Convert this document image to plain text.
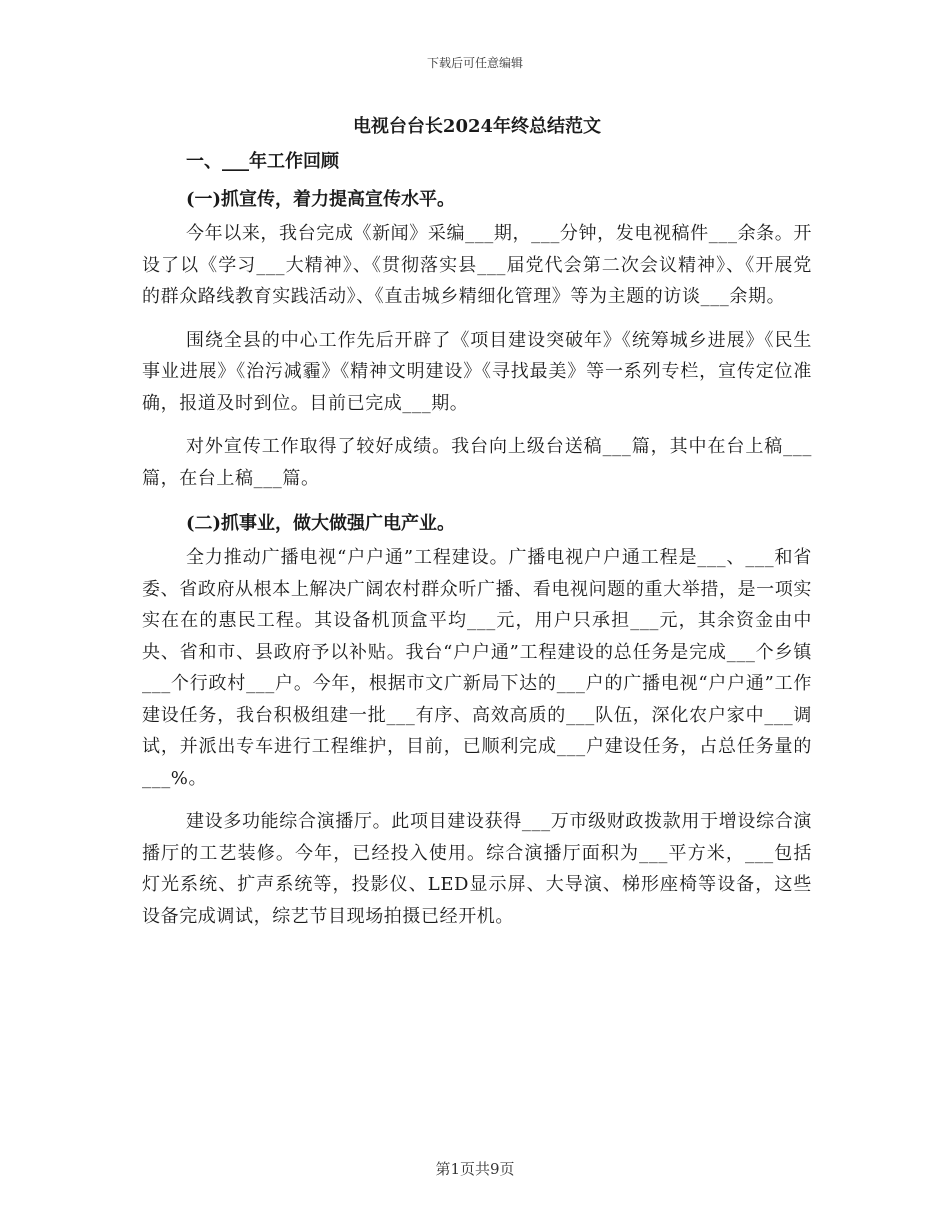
下载后可任意编辑
电视台台长2024年终总结范文
一、___年工作回顾
(一)抓宣传，着力提高宣传水平。

今年以来，我台完成《新闻》采编___期，___分钟，发电视稿件___余条。开设了以《学习___大精神》、《贯彻落实县___届党代会第二次会议精神》、《开展党的群众路线教育实践活动》、《直击城乡精细化管理》等为主题的访谈___余期。

围绕全县的中心工作先后开辟了《项目建设突破年》《统筹城乡进展》《民生事业进展》《治污减霾》《精神文明建设》《寻找最美》等一系列专栏，宣传定位准确，报道及时到位。目前已完成___期。

对外宣传工作取得了较好成绩。我台向上级台送稿___篇，其中在台上稿___篇，在台上稿___篇。

(二)抓事业，做大做强广电产业。

全力推动广播电视“户户通”工程建设。广播电视户户通工程是___、___和省委、省政府从根本上解决广阔农村群众听广播、看电视问题的重大举措，是一项实实在在的惠民工程。其设备机顶盒平均___元，用户只承担___元，其余资金由中央、省和市、县政府予以补贴。我台“户户通”工程建设的总任务是完成___个乡镇___个行政村___户。今年，根据市文广新局下达的___户的广播电视“户户通”工作建设任务，我台积极组建一批___有序、高效高质的___队伍，深化农户家中___调试，并派出专车进行工程维护，目前，已顺利完成___户建设任务，占总任务量的___%。

建设多功能综合演播厅。此项目建设获得___万市级财政拨款用于增设综合演播厅的工艺装修。今年，已经投入使用。综合演播厅面积为___平方米，___包括灯光系统、扩声系统等，投影仪、LED显示屏、大导演、梯形座椅等设备，这些设备完成调试，综艺节目现场拍摄已经开机。

第1页共9页
